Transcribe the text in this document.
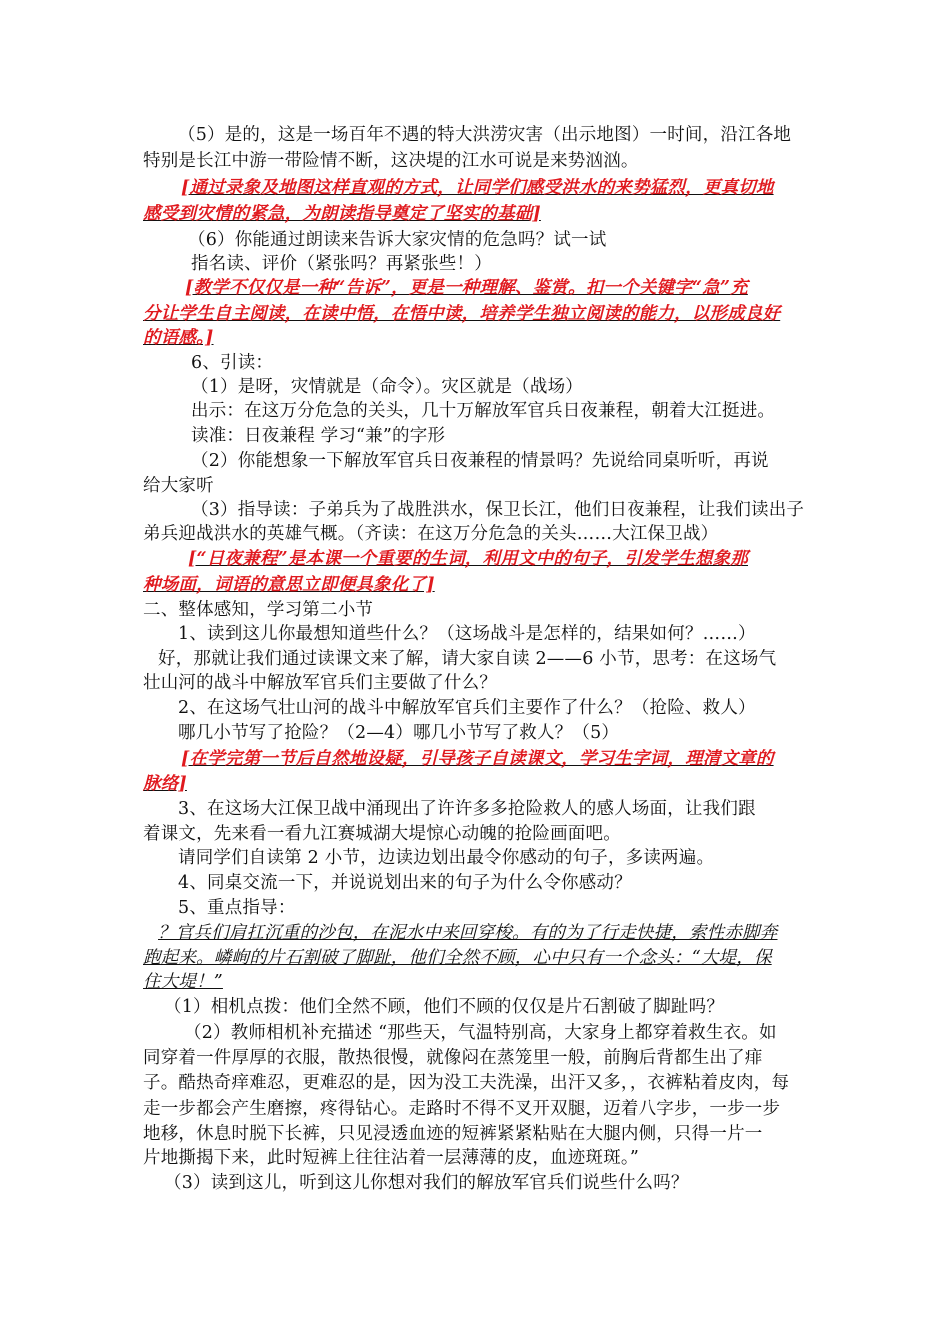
（5）是的，这是一场百年不遇的特大洪涝灾害（出示地图）一时间，沿江各地
特别是长江中游一带险情不断，这决堤的江水可说是来势汹汹。
[通过录象及地图这样直观的方式，让同学们感受洪水的来势猛烈，更真切地
感受到灾情的紧急，为朗读指导奠定了坚实的基础]
（6）你能通过朗读来告诉大家灾情的危急吗？试一试
指名读、评价（紧张吗？再紧张些！）
[教学不仅仅是一种“告诉”，更是一种理解、鉴赏。扣一个关键字“急”充
分让学生自主阅读，在读中悟，在悟中读，培养学生独立阅读的能力，以形成良好
的语感。]
6、引读：
（1）是呀，灾情就是（命令）。灾区就是（战场）
出示：在这万分危急的关头，几十万解放军官兵日夜兼程，朝着大江挺进。
读准：日夜兼程 学习“兼”的字形
（2）你能想象一下解放军官兵日夜兼程的情景吗？先说给同桌听听，再说
给大家听
（3）指导读：子弟兵为了战胜洪水，保卫长江，他们日夜兼程，让我们读出子
弟兵迎战洪水的英雄气概。（齐读：在这万分危急的关头……大江保卫战）
[“日夜兼程”是本课一个重要的生词，利用文中的句子，引发学生想象那
种场面，词语的意思立即便具象化了]
二、整体感知，学习第二小节
1、读到这儿你最想知道些什么？（这场战斗是怎样的，结果如何？……）
好，那就让我们通过读课文来了解，请大家自读 2——6 小节，思考：在这场气
壮山河的战斗中解放军官兵们主要做了什么？
2、在这场气壮山河的战斗中解放军官兵们主要作了什么？（抢险、救人）
哪几小节写了抢险？（2—4）哪几小节写了救人？（5）
[在学完第一节后自然地设疑，引导孩子自读课文，学习生字词，理清文章的
脉络]
3、在这场大江保卫战中涌现出了许许多多抢险救人的感人场面，让我们跟
着课文，先来看一看九江赛城湖大堤惊心动魄的抢险画面吧。
请同学们自读第 2 小节，边读边划出最令你感动的句子，多读两遍。
4、同桌交流一下，并说说划出来的句子为什么令你感动？
5、重点指导：
？官兵们肩扛沉重的沙包，在泥水中来回穿梭。有的为了行走快捷，索性赤脚奔
跑起来。嶙峋的片石割破了脚趾，他们全然不顾，心中只有一个念头：“大堤，保
住大堤！”
（1）相机点拨：他们全然不顾，他们不顾的仅仅是片石割破了脚趾吗？
（2）教师相机补充描述 “那些天，气温特别高，大家身上都穿着救生衣。如
同穿着一件厚厚的衣服，散热很慢，就像闷在蒸笼里一般，前胸后背都生出了痱
子。酷热奇痒难忍，更难忍的是，因为没工夫洗澡，出汗又多，，衣裤粘着皮肉，每
走一步都会产生磨擦，疼得钻心。走路时不得不叉开双腿，迈着八字步，一步一步
地移，休息时脱下长裤，只见浸透血迹的短裤紧紧粘贴在大腿内侧，只得一片一
片地撕揭下来，此时短裤上往往沾着一层薄薄的皮，血迹斑斑。”
（3）读到这儿，听到这儿你想对我们的解放军官兵们说些什么吗？
